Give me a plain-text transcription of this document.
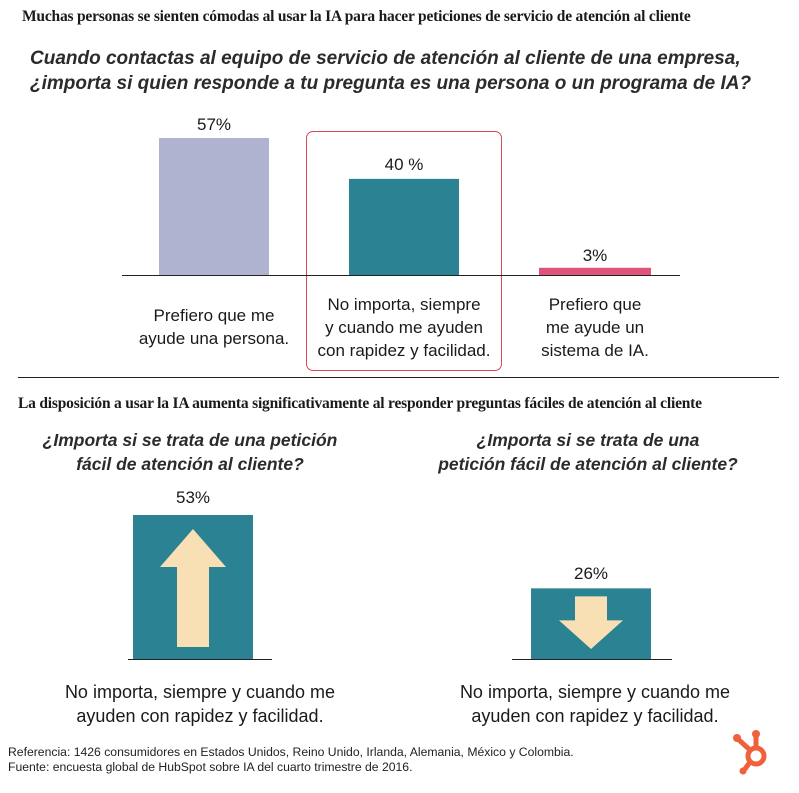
Muchas personas se sienten cómodas al usar la IA para hacer peticiones de servicio de atención al cliente
Cuando contactas al equipo de servicio de atención al cliente de una empresa,
¿importa si quien responde a tu pregunta es una persona o un programa de IA?
57%
40 %
3%
Prefiero que me
ayude una persona.
No importa, siempre
y cuando me ayuden
con rapidez y facilidad.
Prefiero que
me ayude un
sistema de IA.
La disposición a usar la IA aumenta significativamente al responder preguntas fáciles de atención al cliente
¿Importa si se trata de una petición
fácil de atención al cliente?
¿Importa si se trata de una
petición fácil de atención al cliente?
53%
26%
No importa, siempre y cuando me
ayuden con rapidez y facilidad.
No importa, siempre y cuando me
ayuden con rapidez y facilidad.
Referencia: 1426 consumidores en Estados Unidos, Reino Unido, Irlanda, Alemania, México y Colombia.
Fuente: encuesta global de HubSpot sobre IA del cuarto trimestre de 2016.
